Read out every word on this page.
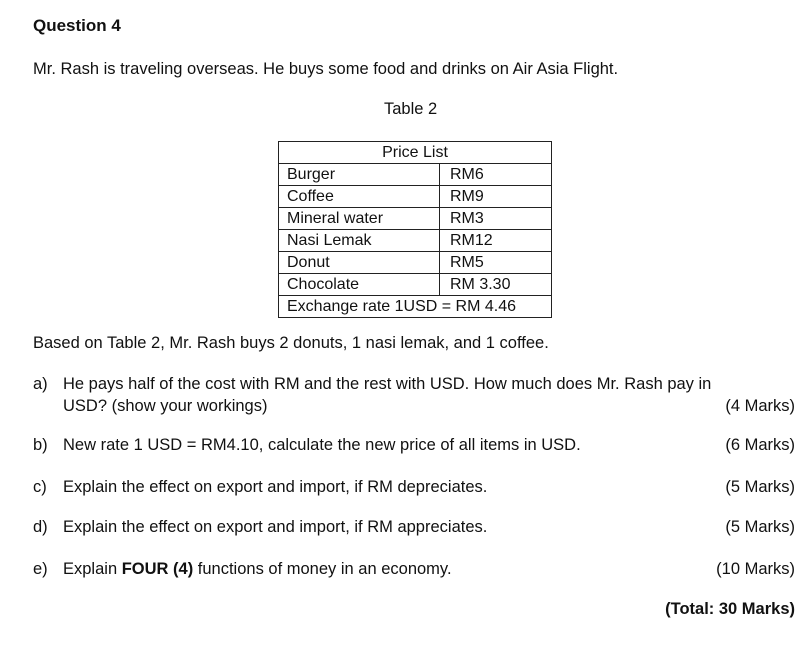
Question 4
Mr. Rash is traveling overseas. He buys some food and drinks on Air Asia Flight.
Table 2
Price List	
Burger	RM6
Coffee	RM9
Mineral water	RM3
Nasi Lemak	RM12
Donut	RM5
Chocolate	RM 3.30
Exchange rate 1USD = RM 4.46	
Based on Table 2, Mr. Rash buys 2 donuts, 1 nasi lemak, and 1 coffee.
a) He pays half of the cost with RM and the rest with USD. How much does Mr. Rash pay in
USD? (show your workings)	(4 Marks)
b) New rate 1 USD = RM4.10, calculate the new price of all items in USD.	(6 Marks)
c) Explain the effect on export and import, if RM depreciates.	(5 Marks)
d) Explain the effect on export and import, if RM appreciates.	(5 Marks)
e) Explain FOUR (4) functions of money in an economy.	(10 Marks)
(Total: 30 Marks)
